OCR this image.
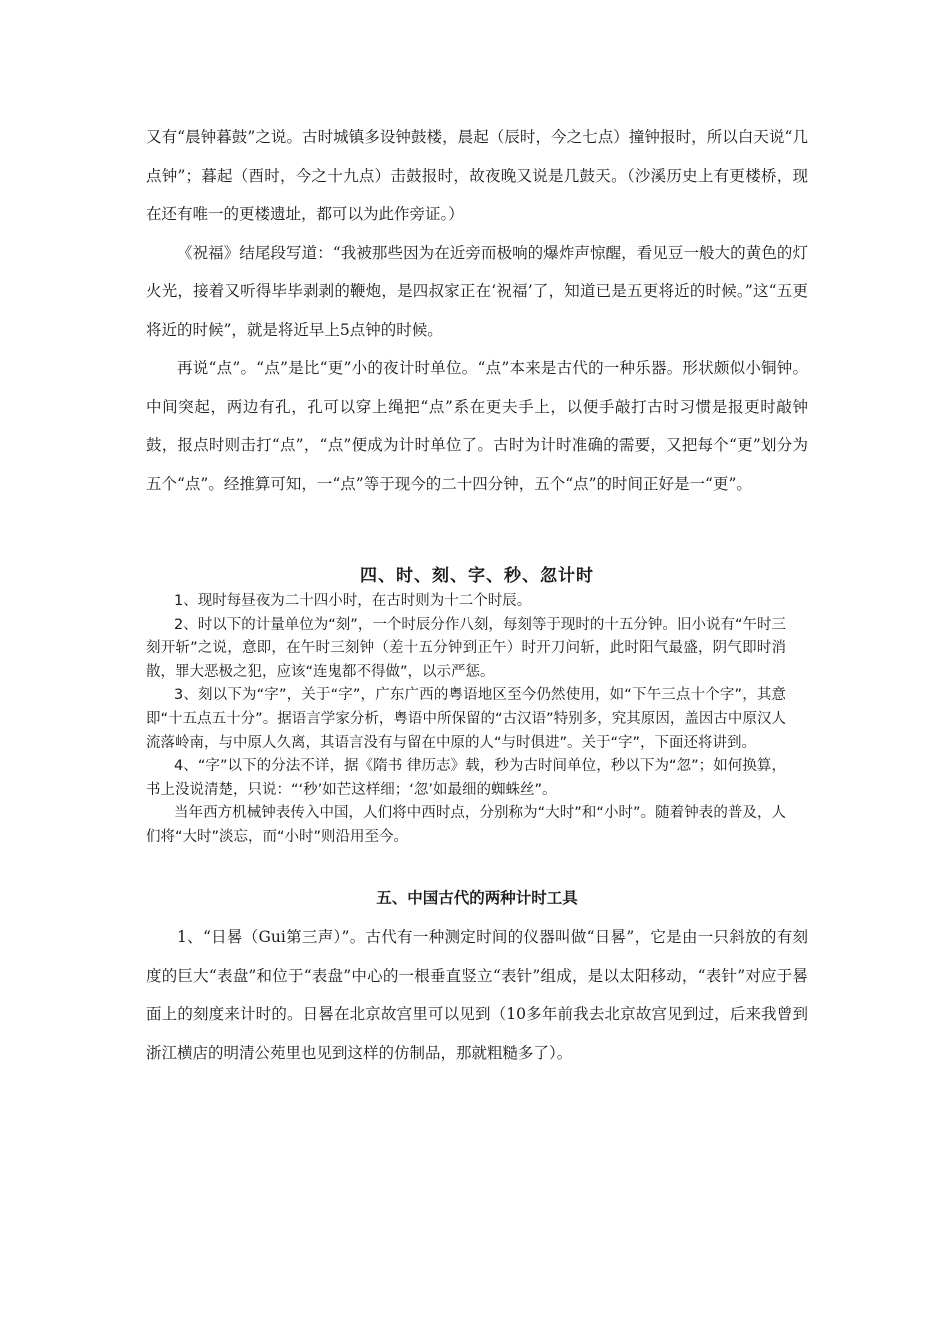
又有“晨钟暮鼓”之说。古时城镇多设钟鼓楼，晨起（辰时，今之七点）撞钟报时，所以白天说“几点钟”；暮起（酉时，今之十九点）击鼓报时，故夜晚又说是几鼓天。（沙溪历史上有更楼桥，现在还有唯一的更楼遗址，都可以为此作旁证。）

《祝福》结尾段写道：“我被那些因为在近旁而极响的爆炸声惊醒，看见豆一般大的黄色的灯火光，接着又听得毕毕剥剥的鞭炮，是四叔家正在‘祝福’了，知道已是五更将近的时候。”这“五更将近的时候”，就是将近早上5点钟的时候。

再说“点”。“点”是比“更”小的夜计时单位。“点”本来是古代的一种乐器。形状颇似小铜钟。中间突起，两边有孔，孔可以穿上绳把“点”系在更夫手上，以便手敲打古时习惯是报更时敲钟鼓，报点时则击打“点”，“点”便成为计时单位了。古时为计时准确的需要，又把每个“更”划分为五个“点”。经推算可知，一“点”等于现今的二十四分钟，五个“点”的时间正好是一“更”。

四、时、刻、字、秒、忽计时

1、现时每昼夜为二十四小时，在古时则为十二个时辰。

2、时以下的计量单位为“刻”，一个时辰分作八刻，每刻等于现时的十五分钟。旧小说有“午时三刻开斩”之说，意即，在午时三刻钟（差十五分钟到正午）时开刀问斩，此时阳气最盛，阴气即时消散，罪大恶极之犯，应该“连鬼都不得做”，以示严惩。

3、刻以下为“字”，关于“字”，广东广西的粤语地区至今仍然使用，如“下午三点十个字”，其意即“十五点五十分”。据语言学家分析，粤语中所保留的“古汉语”特别多，究其原因，盖因古中原汉人流落岭南，与中原人久离，其语言没有与留在中原的人“与时俱进”。关于“字”，下面还将讲到。

4、“字”以下的分法不详，据《隋书 律历志》载，秒为古时间单位，秒以下为“忽”；如何换算，书上没说清楚，只说：“‘秒’如芒这样细；‘忽’如最细的蜘蛛丝”。

当年西方机械钟表传入中国，人们将中西时点，分别称为“大时”和“小时”。随着钟表的普及，人们将“大时”淡忘，而“小时”则沿用至今。

五、中国古代的两种计时工具

1、“日晷（Gui第三声）”。古代有一种测定时间的仪器叫做“日晷”，它是由一只斜放的有刻度的巨大“表盘”和位于“表盘”中心的一根垂直竖立“表针”组成，是以太阳移动，“表针”对应于晷面上的刻度来计时的。日晷在北京故宫里可以见到（10多年前我去北京故宫见到过，后来我曾到浙江横店的明清公苑里也见到这样的仿制品，那就粗糙多了）。
